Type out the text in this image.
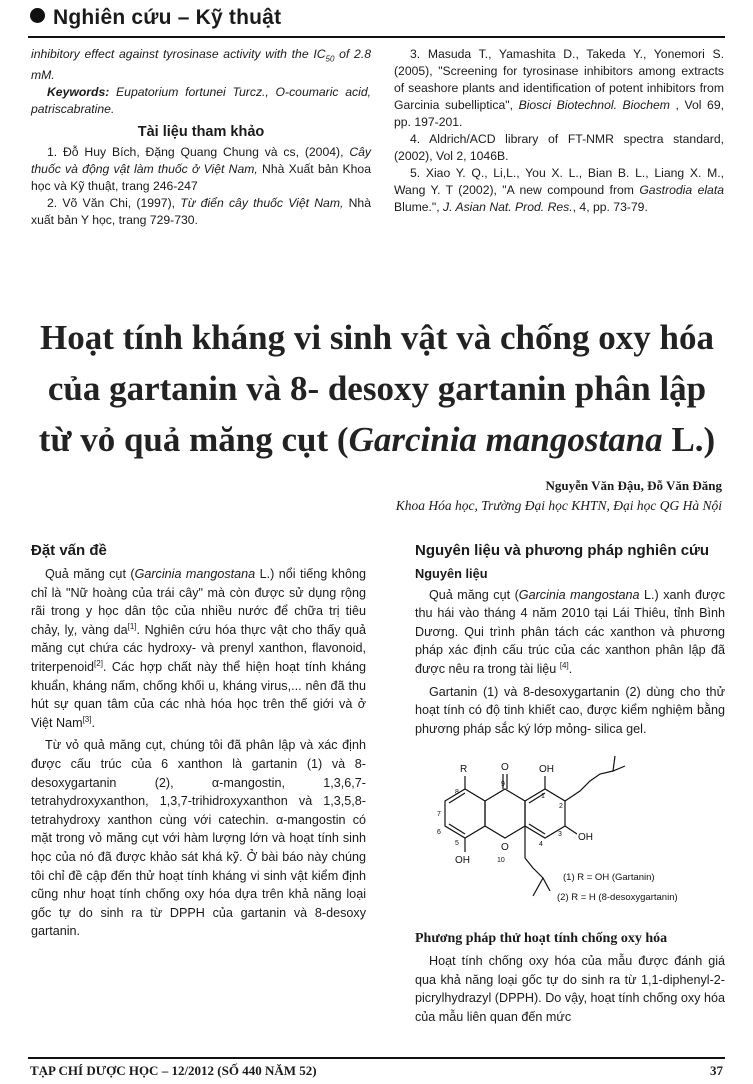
Nghiên cứu – Kỹ thuật

inhibitory effect against tyrosinase activity with the $IC_{50}$ of 2.8 mM.

Keywords: Eupatorium fortunei Turcz., O-coumaric acid, patriscabratine.

Tài liệu tham khảo

1. Đỗ Huy Bích, Đặng Quang Chung và cs, (2004), Cây thuốc và động vật làm thuốc ở Việt Nam, Nhà Xuất bản Khoa học và Kỹ thuật, trang 246-247

2. Võ Văn Chi, (1997), Từ điển cây thuốc Việt Nam, Nhà xuất bản Y học, trang 729-730.

3. Masuda T., Yamashita D., Takeda Y., Yonemori S. (2005), "Screening for tyrosinase inhibitors among extracts of seashore plants and identification of potent inhibitors from Garcinia subelliptica", Biosci Biotechnol. Biochem , Vol 69, pp. 197-201.

4. Aldrich/ACD library of FT-NMR spectra standard, (2002), Vol 2, 1046B.

5. Xiao Y. Q., Li,L., You X. L., Bian B. L., Liang X. M., Wang Y. T (2002), "A new compound from Gastrodia elata Blume.", J. Asian Nat. Prod. Res., 4, pp. 73-79.

Hoạt tính kháng vi sinh vật và chống oxy hóa của gartanin và 8- desoxy gartanin phân lập từ vỏ quả măng cụt (Garcinia mangostana L.)
Nguyễn Văn Đậu, Đỗ Văn Đăng
Khoa Hóa học, Trường Đại học KHTN, Đại học QG Hà Nội
Đặt vấn đề

Quả măng cụt (Garcinia mangostana L.) nổi tiếng không chỉ là "Nữ hoàng của trái cây" mà còn được sử dụng rộng rãi trong y học dân tộc của nhiều nước để chữa trị tiêu chảy, lỵ, vàng da[1]. Nghiên cứu hóa thực vật cho thấy quả măng cụt chứa các hydroxy- và prenyl xanthon, flavonoid, triterpenoid[2]. Các hợp chất này thể hiện hoạt tính kháng khuẩn, kháng nấm, chống khối u, kháng virus,... nên đã thu hút sự quan tâm của các nhà hóa học trên thế giới và ở Việt Nam[3].

Từ vỏ quả măng cụt, chúng tôi đã phân lập và xác định được cấu trúc của 6 xanthon là gartanin (1) và 8-desoxygartanin (2), α-mangostin, 1,3,6,7-tetrahydroxyxanthon, 1,3,7-trihidroxyxanthon và 1,3,5,8-tetrahydroxy xanthon cùng với catechin. α-mangostin có mặt trong vỏ măng cụt với hàm lượng lớn và hoạt tính sinh học của nó đã được khảo sát khá kỹ. Ở bài báo này chúng tôi chỉ đề cập đến thử hoạt tính kháng vi sinh vật kiểm định cũng như hoạt tính chống oxy hóa dựa trên khả năng loại gốc tự do sinh ra từ DPPH của gartanin và 8-desoxy gartanin.

Nguyên liệu và phương pháp nghiên cứu
Nguyên liệu

Quả măng cụt (Garcinia mangostana L.) xanh được thu hái vào tháng 4 năm 2010 tại Lái Thiêu, tỉnh Bình Dương. Qui trình phân tách các xanthon và phương pháp xác định cấu trúc của các xanthon phân lập đã được nêu ra trong tài liệu [4].

Gartanin (1) và 8-desoxygartanin (2) dùng cho thử hoạt tính có độ tinh khiết cao, được kiểm nghiệm bằng phương pháp sắc ký lớp mỏng- silica gel.

R	O	OH
OH
OH
O
8
7
6
5
9
10
1
2
3
4
(1) R = OH (Gartanin)
(2) R = H (8-desoxygartanin)
Phương pháp thử hoạt tính chống oxy hóa

Hoạt tính chống oxy hóa của mẫu được đánh giá qua khả năng loại gốc tự do sinh ra từ 1,1-diphenyl-2-picrylhydrazyl (DPPH). Do vậy, hoạt tính chống oxy hóa của mẫu liên quan đến mức

TẠP CHÍ DƯỢC HỌC – 12/2012 (SỐ 440 NĂM 52)	37
